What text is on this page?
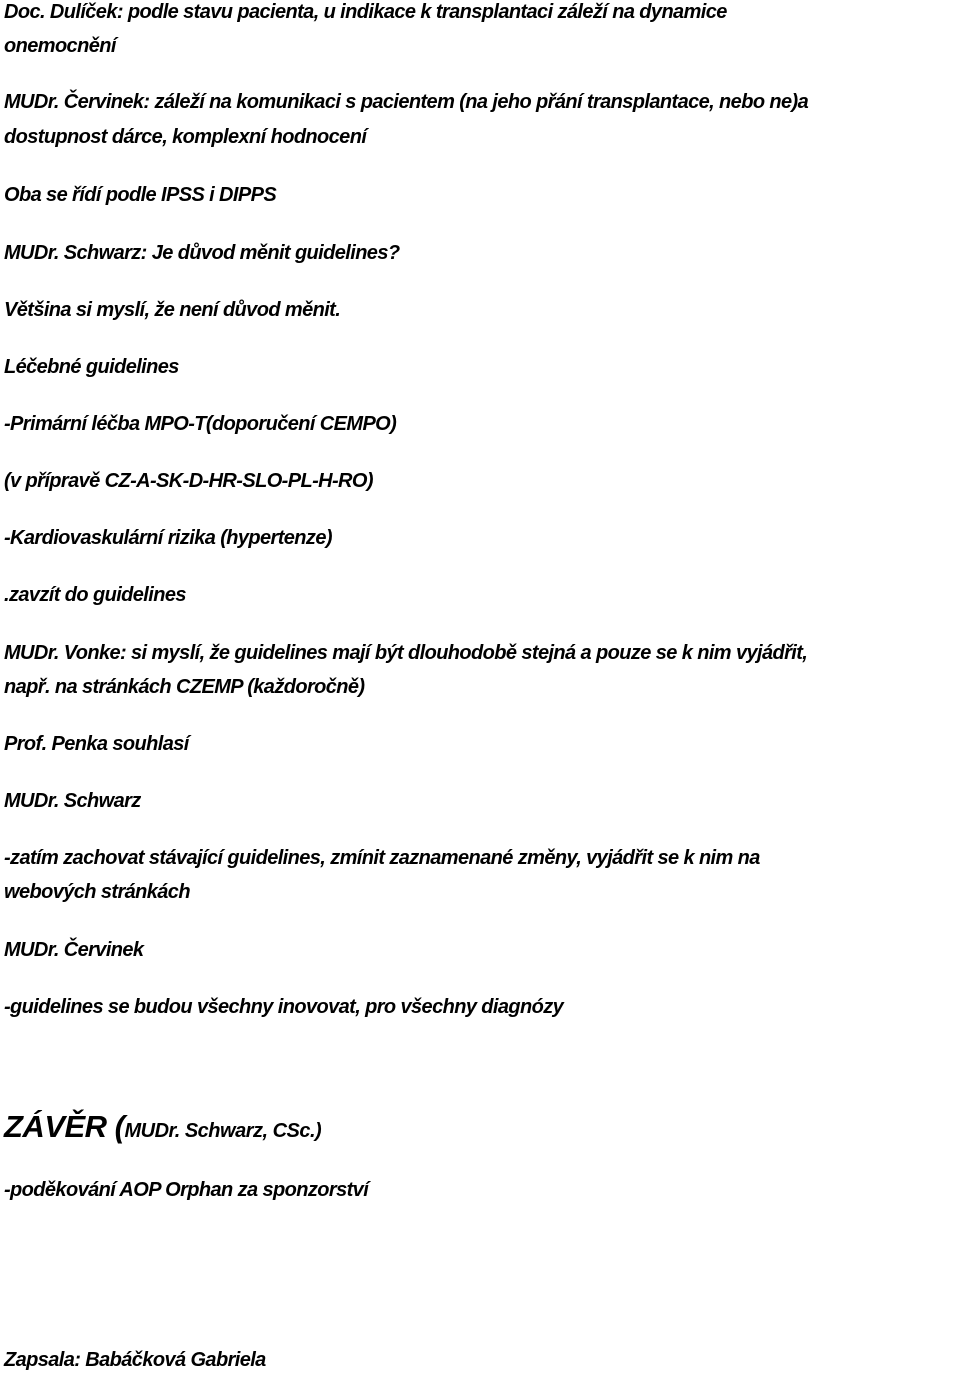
Doc. Dulíček: podle stavu pacienta, u indikace k transplantaci záleží na dynamice
onemocnění
MUDr. Červinek: záleží na komunikaci s pacientem (na jeho přání transplantace, nebo ne)a
dostupnost dárce, komplexní hodnocení
Oba se řídí podle IPSS i DIPPS
MUDr. Schwarz: Je důvod měnit guidelines?
Většina si myslí, že není důvod měnit.
Léčebné guidelines
-Primární léčba MPO-T(doporučení CEMPO)
(v přípravě CZ-A-SK-D-HR-SLO-PL-H-RO)
-Kardiovaskulární rizika (hypertenze)
.zavzít do guidelines
MUDr. Vonke: si myslí, že guidelines mají být dlouhodobě stejná a pouze se k nim vyjádřit,
např. na stránkách CZEMP (každoročně)
Prof. Penka souhlasí
MUDr. Schwarz
-zatím zachovat stávající guidelines, zmínit zaznamenané změny, vyjádřit se k nim na
webových stránkách
MUDr. Červinek
-guidelines se budou všechny inovovat, pro všechny diagnózy
ZÁVĚR (MUDr. Schwarz, CSc.)
-poděkování AOP Orphan za sponzorství
Zapsala: Babáčková Gabriela
